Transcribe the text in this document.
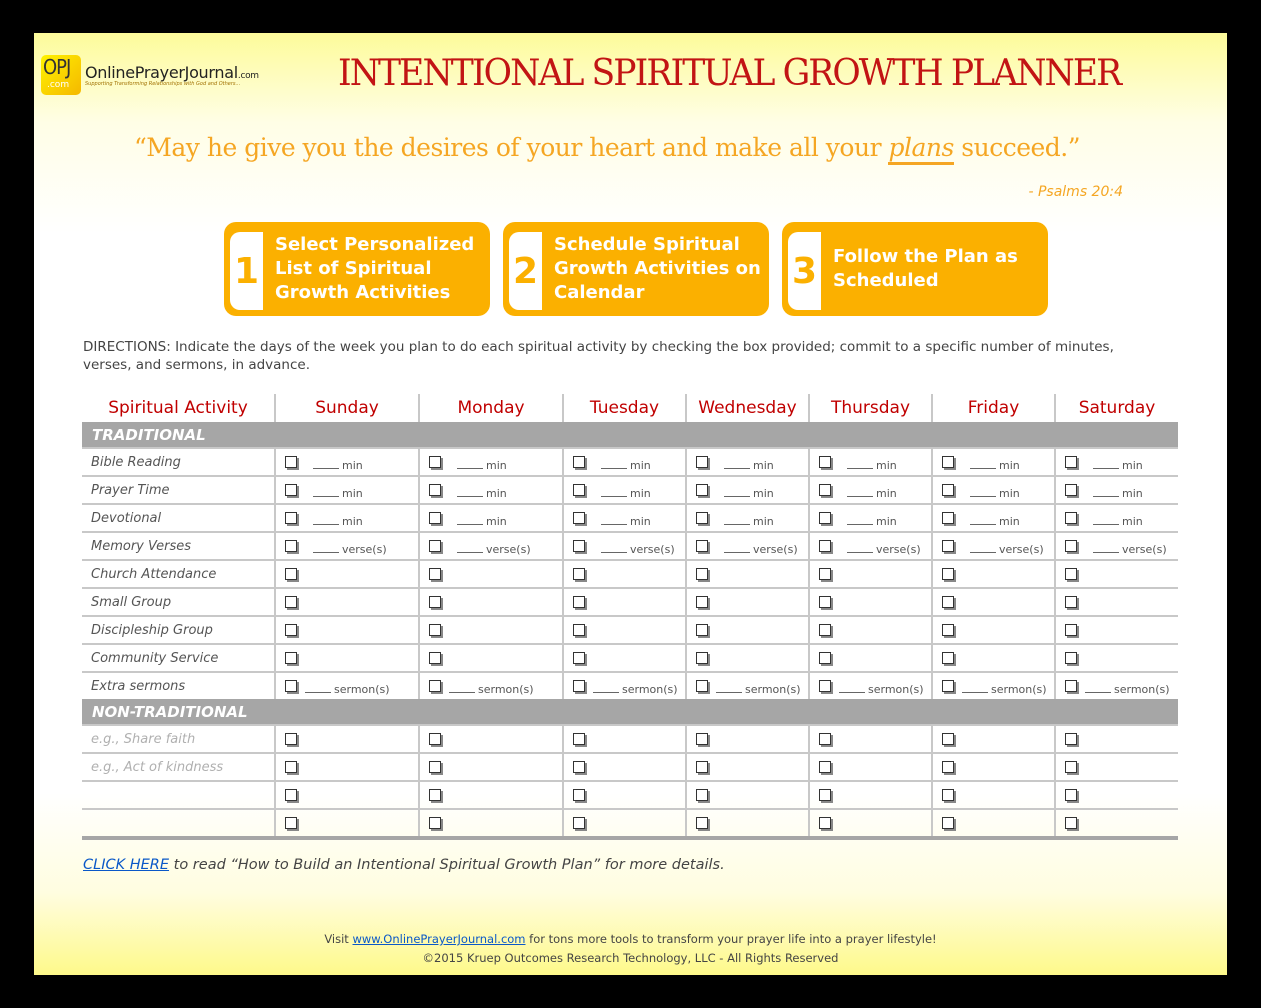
OPJ
.com
OnlinePrayerJournal.com
Supporting Transforming Relationships with God and Others...	INTENTIONAL SPIRITUAL GROWTH PLANNER
“May he give you the desires of your heart and make all your plans succeed.”
- Psalms 20:4
1
Select Personalized List of Spiritual Growth Activities
2
Schedule Spiritual Growth Activities on Calendar
3 Follow the Plan as Scheduled
DIRECTIONS: Indicate the days of the week you plan to do each spiritual activity by checking the box provided; commit to a specific number of minutes, verses, and sermons, in advance.
Spiritual Activity	Sunday	Monday	Tuesday	Wednesday	Thursday	Friday	Saturday
TRADITIONAL							
Bible Reading	min	min	min	min	min	min	min

Prayer Time	min	min	min	min	min	min	min

Devotional	min	min	min	min	min	min	min

Memory Verses	verse(s)	verse(s)	verse(s)	verse(s)	verse(s)	verse(s)	verse(s)

Church Attendance	

Small Group	

Discipleship Group	

Community Service	

Extra sermons	sermon(s)	sermon(s)	sermon(s)	sermon(s)	sermon(s)	sermon(s)	sermon(s)

NON-TRADITIONAL							
e.g., Share faith	

e.g., Act of kindness	

CLICK HERE to read “How to Build an Intentional Spiritual Growth Plan” for more details.
Visit www.OnlinePrayerJournal.com for tons more tools to transform your prayer life into a prayer lifestyle!
©2015 Kruep Outcomes Research Technology, LLC - All Rights Reserved
